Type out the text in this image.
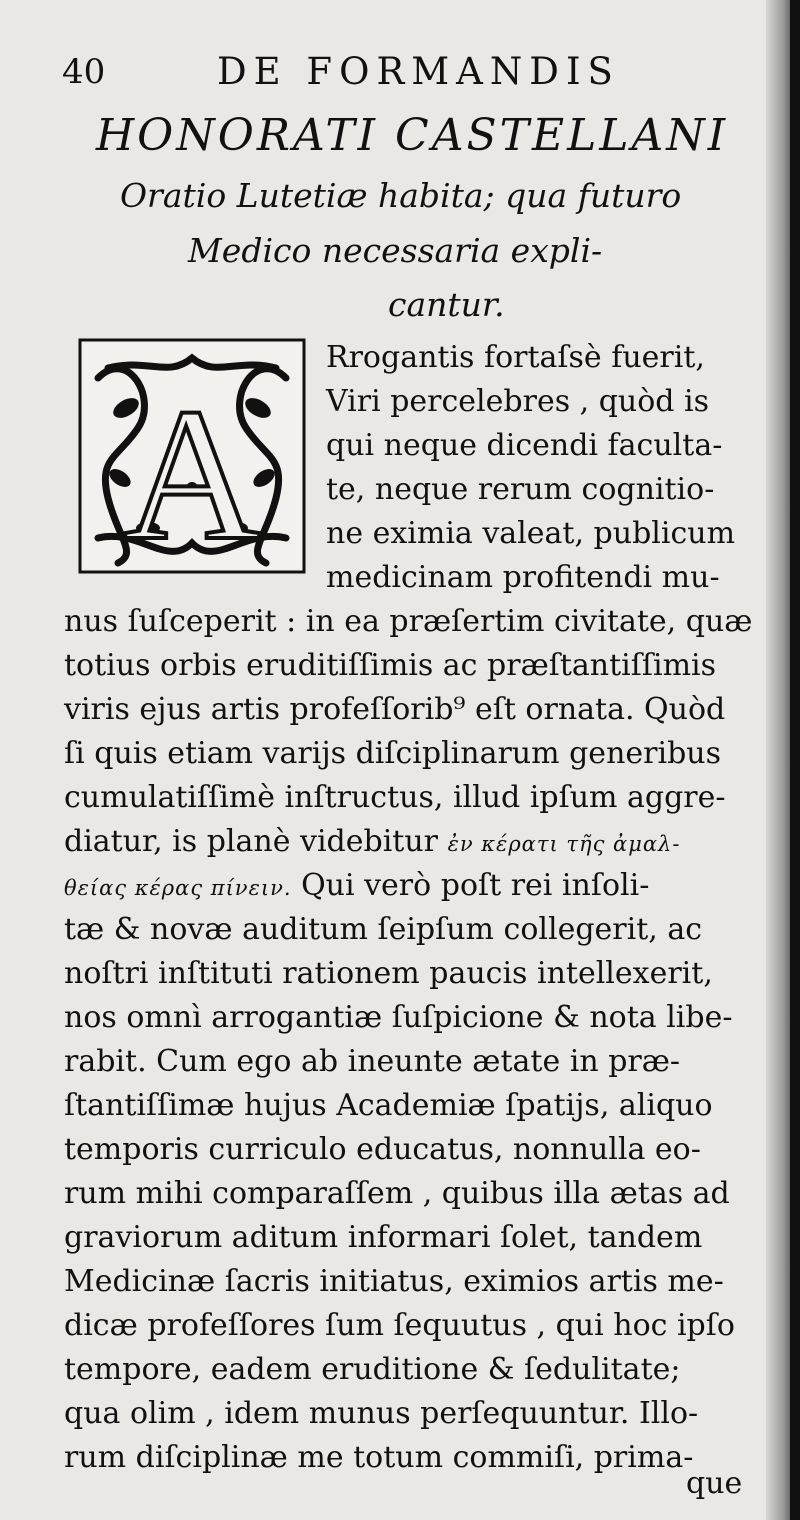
40	DE FORMANDIS
HONORATI CASTELLANI
Oratio Lutetiæ habita; qua futuro
Medico necessaria expli-
cantur.
A
Rrogantis fortaſsè fuerit,
Viri percelebres , quòd is
qui neque dicendi faculta-
te, neque rerum cognitio-
ne eximia valeat, publicum
medicinam profitendi mu-
nus ſuſceperit : in ea præſertim civitate, quæ
totius orbis eruditiſſimis ac præſtantiſſimis
viris ejus artis profeſſorib⁹ eſt ornata. Quòd
ſi quis etiam varijs diſciplinarum generibus
cumulatiſſimè inſtructus, illud ipſum aggre-
diatur, is planè videbitur ἐν κέρατι τῆς ἀμαλ-
θείας κέρας πίνειν. Qui verò poſt rei inſoli-
tæ & novæ auditum ſeipſum collegerit, ac
noſtri inſtituti rationem paucis intellexerit,
nos omnì arrogantiæ ſuſpicione & nota libe-
rabit. Cum ego ab ineunte ætate in præ-
ſtantiſſimæ hujus Academiæ ſpatijs, aliquo
temporis curriculo educatus, nonnulla eo-
rum mihi comparaſſem , quibus illa ætas ad
graviorum aditum informari ſolet, tandem
Medicinæ ſacris initiatus, eximios artis me-
dicæ profeſſores ſum ſequutus , qui hoc ipſo
tempore, eadem eruditione & ſedulitate;
qua olim , idem munus perſequuntur. Illo-
rum diſciplinæ me totum commiſi, prima-
que
